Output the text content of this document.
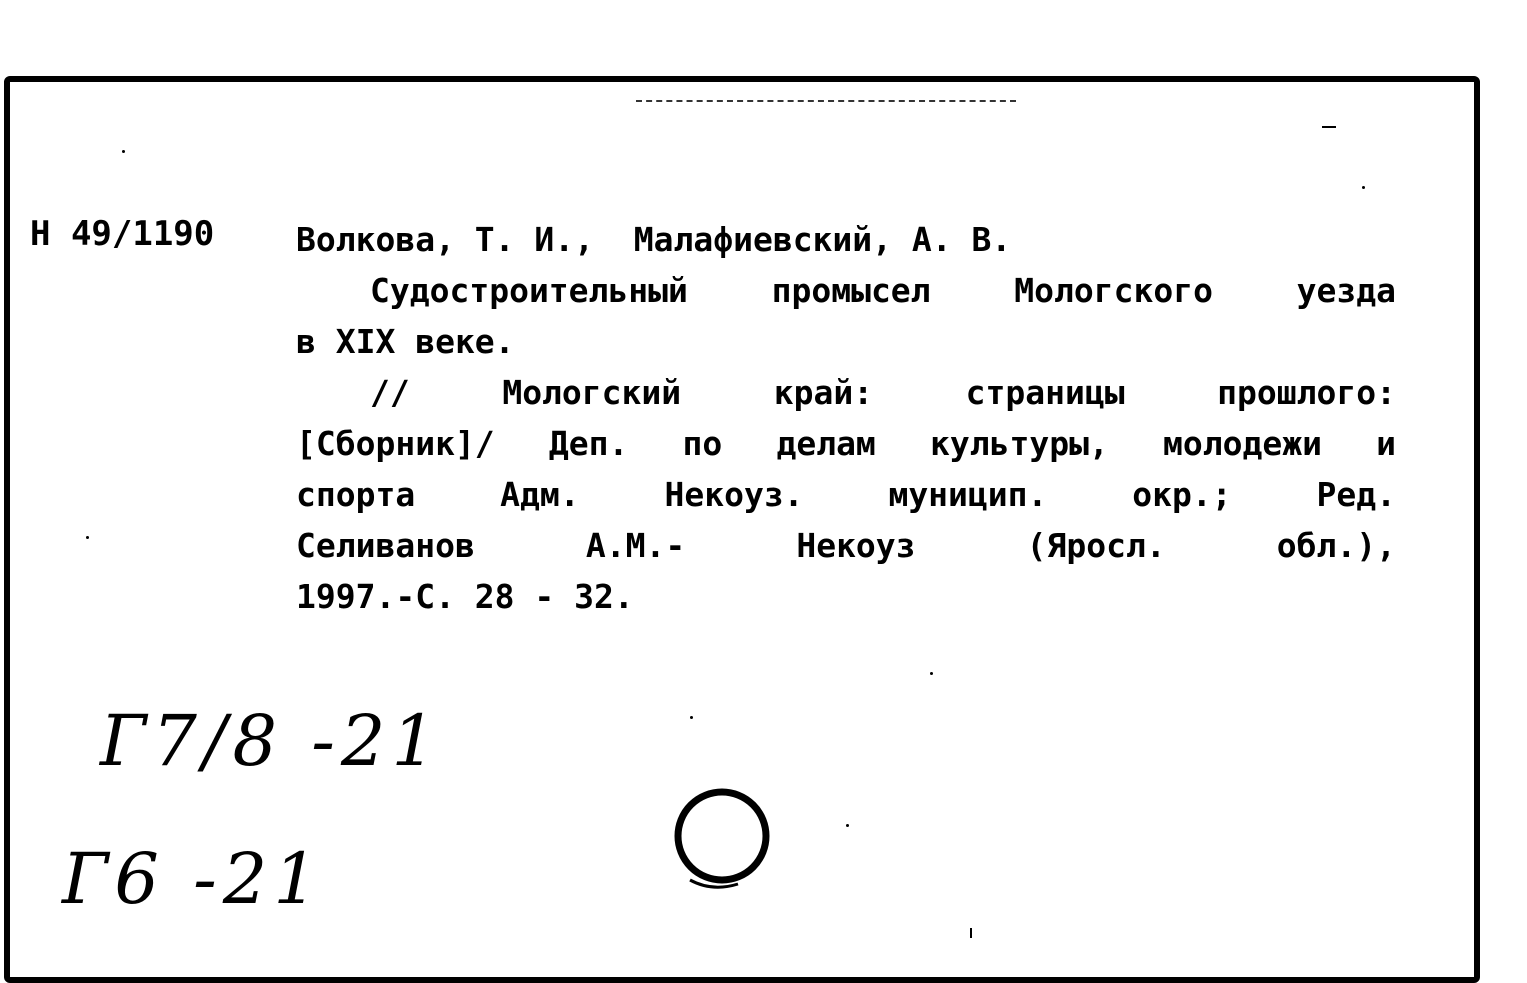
Н 49/1190 Волкова, Т. И.,  Малафиевский, А. В.
Судостроительный промысел Мологского уезда
в XIX веке.
// Мологский край: страницы прошлого:
[Сборник]/ Деп. по делам культуры, молодежи и
спорта Адм. Некоуз. муницип. окр.; Ред.
Селиванов А.М.- Некоуз (Яросл. обл.),
1997.-С. 28 - 32.
Г7/8 -21
Г6 -21
